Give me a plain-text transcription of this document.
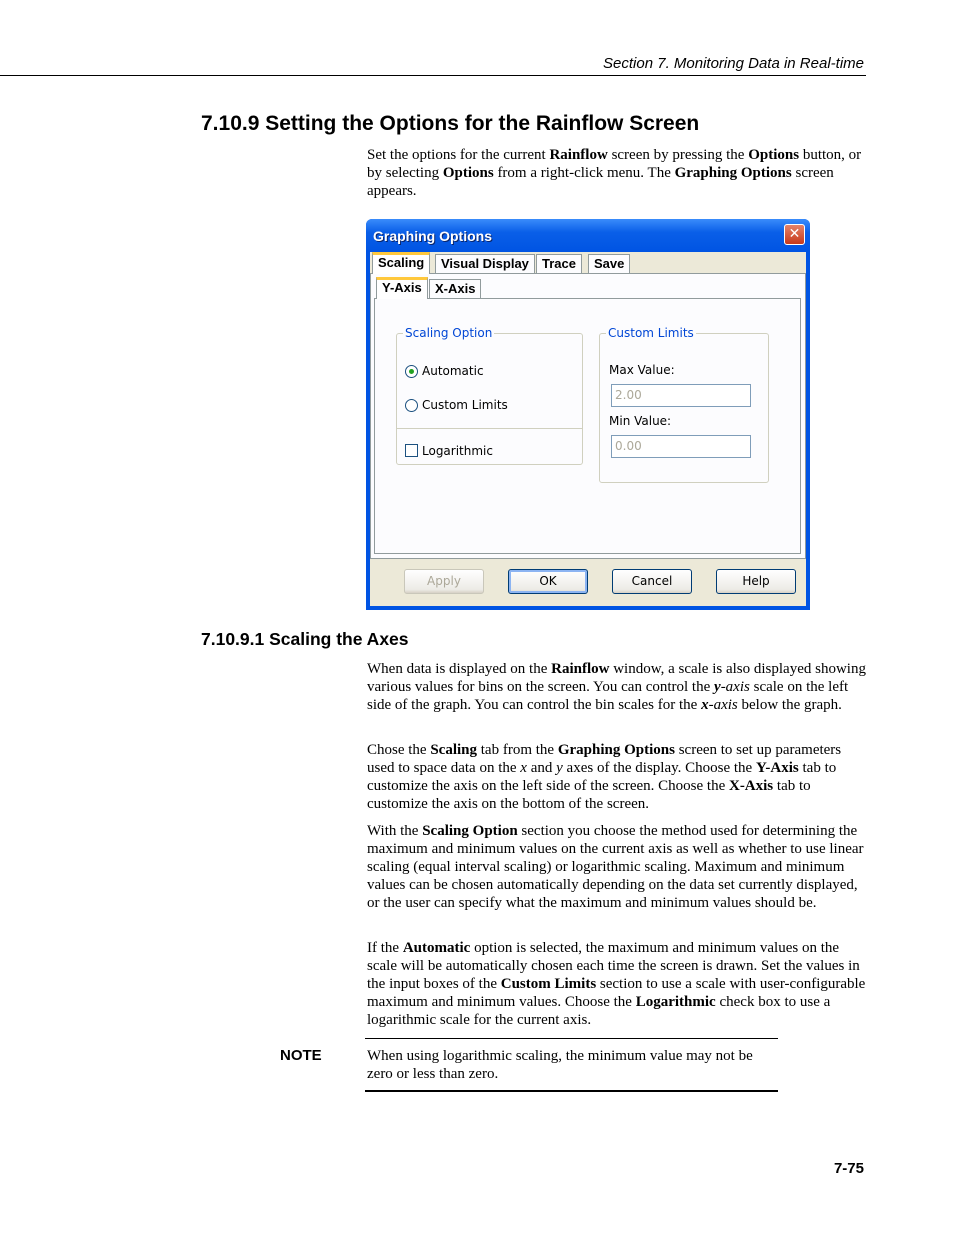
Section 7. Monitoring Data in Real-time
7.10.9 Setting the Options for the Rainflow Screen
Set the options for the current Rainflow screen by pressing the Options button, or by selecting Options from a right-click menu. The Graphing Options screen appears.
Graphing Options	✕
Scaling	Visual Display	Trace	Save
Y-Axis	X-Axis
Scaling Option
Automatic
Custom Limits
Logarithmic
Custom Limits
Max Value:
2.00
Min Value:
0.00
Apply	OK	Cancel	Help
7.10.9.1 Scaling the Axes
When data is displayed on the Rainflow window, a scale is also displayed showing various values for bins on the screen. You can control the y-axis scale on the left side of the graph. You can control the bin scales for the x-axis below the graph.
Chose the Scaling tab from the Graphing Options screen to set up parameters used to space data on the x and y axes of the display. Choose the Y-Axis tab to customize the axis on the left side of the screen. Choose the X-Axis tab to customize the axis on the bottom of the screen.
With the Scaling Option section you choose the method used for determining the maximum and minimum values on the current axis as well as whether to use linear scaling (equal interval scaling) or logarithmic scaling. Maximum and minimum values can be chosen automatically depending on the data set currently displayed, or the user can specify what the maximum and minimum values should be.
If the Automatic option is selected, the maximum and minimum values on the scale will be automatically chosen each time the screen is drawn. Set the values in the input boxes of the Custom Limits section to use a scale with user-configurable maximum and minimum values. Choose the Logarithmic check box to use a logarithmic scale for the current axis.
NOTE	When using logarithmic scaling, the minimum value may not be zero or less than zero.
7-75
